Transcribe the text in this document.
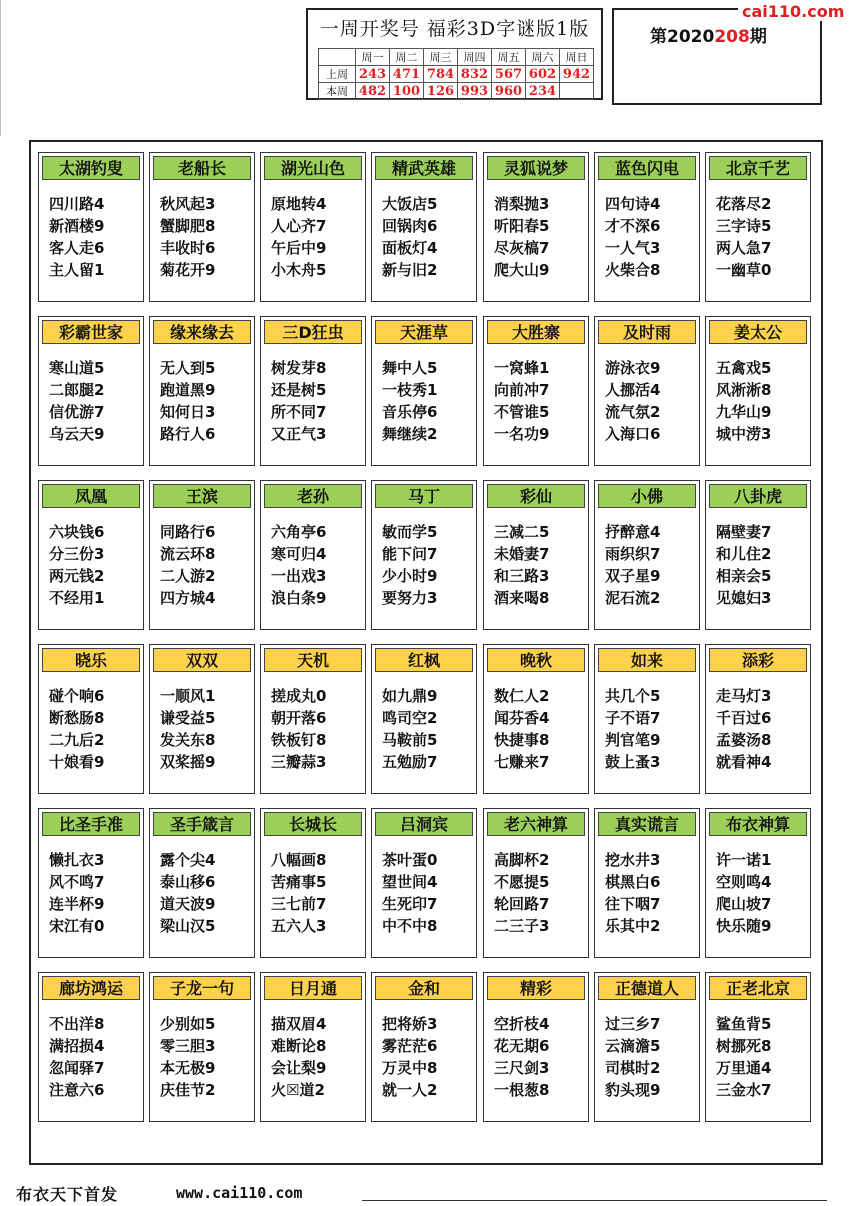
一周开奖号 福彩3D字谜版1版
	周一	周二	周三	周四	周五	周六	周日
上周	243	471	784	832	567	602	942
本周	482	100	126	993	960	234	
第2020208期
cai110.com
太湖钓叟
四川路4
新酒楼9
客人走6
主人留1
老船长
秋风起3
蟹脚肥8
丰收时6
菊花开9
湖光山色
原地转4
人心齐7
午后中9
小木舟5
精武英雄
大饭店5
回锅肉6
面板灯4
新与旧2
灵狐说梦
消梨抛3
听阳春5
尽灰槁7
爬大山9
蓝色闪电
四句诗4
才不深6
一人气3
火柴合8
北京千艺
花落尽2
三字诗5
两人急7
一幽草0
彩霸世家
寒山道5
二郎腿2
信优游7
乌云天9
缘来缘去
无人到5
跑道黑9
知何日3
路行人6
三D狂虫
树发芽8
还是树5
所不同7
又正气3
天涯草
舞中人5
一枝秀1
音乐停6
舞继续2
大胜寨
一窝蜂1
向前冲7
不管谁5
一名功9
及时雨
游泳衣9
人挪活4
流气氛2
入海口6
姜太公
五禽戏5
风淅淅8
九华山9
城中涝3
凤凰
六块钱6
分三份3
两元钱2
不经用1
王滨
同路行6
流云环8
二人游2
四方城4
老孙
六角亭6
寒可归4
一出戏3
浪白条9
马丁
敏而学5
能下问7
少小时9
要努力3
彩仙
三减二5
未婚妻7
和三路3
酒来喝8
小佛
抒醉意4
雨织织7
双子星9
泥石流2
八卦虎
隔壁妻7
和儿住2
相亲会5
见媳妇3
晓乐
碰个响6
断愁肠8
二九后2
十娘看9
双双
一顺风1
谦受益5
发关东8
双桨摇9
天机
搓成丸0
朝开落6
铁板钉8
三瓣蒜3
红枫
如九鼎9
鸣司空2
马鞍前5
五勉励7
晚秋
数仁人2
闻芬香4
快捷事8
七赚来7
如来
共几个5
子不语7
判官笔9
鼓上蚤3
添彩
走马灯3
千百过6
孟婆汤8
就看神4
比圣手准
懒扎衣3
风不鸣7
连半杯9
宋江有0
圣手箴言
露个尖4
泰山移6
道天波9
梁山汉5
长城长
八幅画8
苦痛事5
三七前7
五六人3
吕洞宾
茶叶蛋0
望世间4
生死印7
中不中8
老六神算
高脚杯2
不愿提5
轮回路7
二三子3
真实谎言
挖水井3
棋黑白6
往下咽7
乐其中2
布衣神算
许一诺1
空则鸣4
爬山坡7
快乐随9
廊坊鸿运
不出洋8
满招损4
忽闻驿7
注意六6
子龙一句
少别如5
零三胆3
本无极9
庆佳节2
日月通
描双眉4
难断论8
会让梨9
火☒道2
金和
把将娇3
雾茫茫6
万灵中8
就一人2
精彩
空折枝4
花无期6
三尺剑3
一根葱8
正德道人
过三乡7
云滴澹5
司棋时2
豹头现9
正老北京
鲨鱼背5
树挪死8
万里通4
三金水7
布衣天下首发	www.cai110.com
